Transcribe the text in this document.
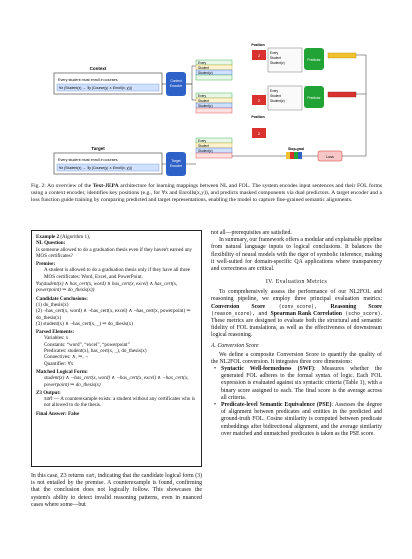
Context
Every student must enroll in courses.
∀z (Student(z) → ∃y (Course(y) ∧ Enroll(x, y)))
Context
Encoder
Every
Student
Student(z)
Every
Student
Student(z)
Position
2
2
Position
Every
Student
Student(z)
Every
Student
Student(z)
Predictor
Predictor
Target
Every student must enroll in courses.
∀z (Student(z) → ∃y (Course(y) ∧ Enroll(x, y)))
Target
Encoder
Every
Student
Student(z)
2
Stop-grad
Loss
Fig. 2: An overview of the Text-JEPA architecture for learning mappings between NL and FOL. The system encodes input sentences and their FOL forms using a context encoder, identifies key positions (e.g., for ∀x and Enrolls(x,y)), and predicts masked components via dual predictors. A target encoder and a loss function guide training by comparing predicted and target representations, enabling the model to capture fine-grained semantic alignments.

Example 2 (Algorithm 1),

NL Question:

Is someone allowed to do a graduation thesis even if they haven't earned any MOS certificates?

Premise:

A student is allowed to do a graduation thesis only if they have all three MOS certificates: Word, Excel, and PowerPoint.

∀x(student(x) ∧ has_cert(x, word) ∧ has_cert(x, excel) ∧ has_cert(x, powerpoint) ⇒ do_thesis(x))

Candidate Conclusions:

(1) do_thesis(x)

(2) ¬has_cert(x, word) ∧ ¬has_cert(x, excel) ∧ ¬has_cert(x, powerpoint) ⇒ do_thesis(x)

(3) student(x) ∧ ¬has_cert(x, _) ⇒ do_thesis(x)

Parsed Elements:

Variables: x

Constants: “word”, “excel”, “powerpoint”

Predicates: student(x), has_cert(x, _), do_thesis(x)

Connectives: ∧, ⇒, ¬

Quantifier: ∀x

Matched Logical Form:

student(x) ∧ ¬has_cert(x, word) ∧ ¬has_cert(x, excel) ∧ ¬has_cert(x, powerpoint) ⇒ do_thesis(x)

Z3 Output:

sat — A counterexample exists: a student without any certificates who is not allowed to do the thesis.

Final Answer: False

In this case, Z3 returns sat, indicating that the candidate logical form (3) is not entailed by the premise. A counterexample is found, confirming that the conclusion does not logically follow. This showcases the system's ability to detect invalid reasoning patterns, even in nuanced cases where some—but

not all—prerequisites are satisfied.

In summary, our framework offers a modular and explainable pipeline from natural language inputs to logical conclusions. It balances the flexibility of neural models with the rigor of symbolic inference, making it well-suited for domain-specific QA applications where transparency and correctness are critical.

IV. Evaluation Metrics

To comprehensively assess the performance of our NL2FOL and reasoning pipeline, we employ three principal evaluation metrics: Conversion Score (conv_score), Reasoning Score (reason_score), and Spearman Rank Correlation (scho_score). These metrics are designed to evaluate both the structural and semantic fidelity of FOL translations, as well as the effectiveness of downstream logical reasoning.

A. Conversion Score

We define a composite Conversion Score to quantify the quality of the NL2FOL conversion. It integrates three core dimensions:

• Syntactic Well-formedness (SWF): Measures whether the generated FOL adheres to the formal syntax of logic. Each FOL expression is evaluated against six syntactic criteria (Table 1), with a binary score assigned to each. The final score is the average across all criteria.

• Predicate-level Semantic Equivalence (PSE): Assesses the degree of alignment between predicates and entities in the predicted and ground-truth FOL. Cosine similarity is computed between predicate embeddings after bidirectional alignment, and the average similarity over matched and unmatched predicates is taken as the PSE score.
